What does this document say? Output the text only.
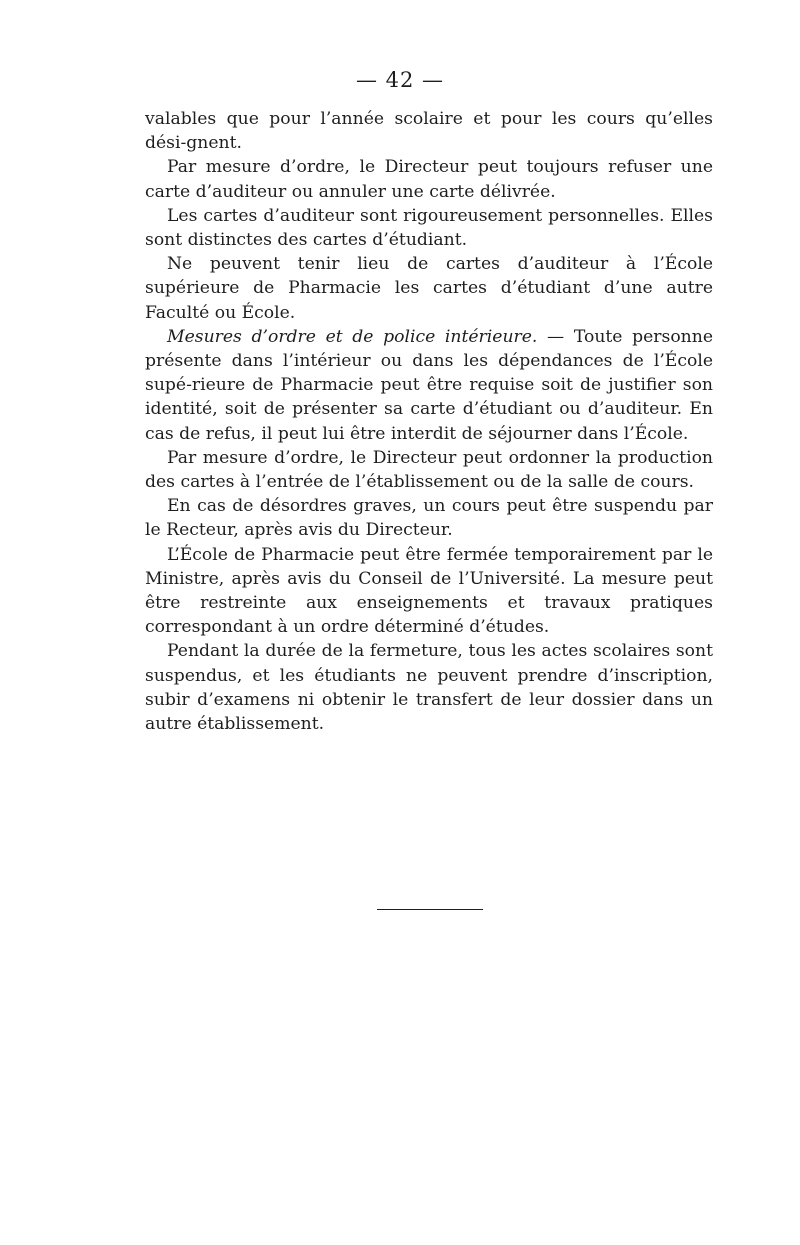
— 42 —

valables que pour l’année scolaire et pour les cours qu’elles dési-gnent.

Par mesure d’ordre, le Directeur peut toujours refuser une carte d’auditeur ou annuler une carte délivrée.

Les cartes d’auditeur sont rigoureusement personnelles. Elles sont distinctes des cartes d’étudiant.

Ne peuvent tenir lieu de cartes d’auditeur à l’École supérieure de Pharmacie les cartes d’étudiant d’une autre Faculté ou École.

Mesures d’ordre et de police intérieure. — Toute personne présente dans l’intérieur ou dans les dépendances de l’École supé-rieure de Pharmacie peut être requise soit de justifier son identité, soit de présenter sa carte d’étudiant ou d’auditeur. En cas de refus, il peut lui être interdit de séjourner dans l’École.

Par mesure d’ordre, le Directeur peut ordonner la production des cartes à l’entrée de l’établissement ou de la salle de cours.

En cas de désordres graves, un cours peut être suspendu par le Recteur, après avis du Directeur.

L’École de Pharmacie peut être fermée temporairement par le Ministre, après avis du Conseil de l’Université. La mesure peut être restreinte aux enseignements et travaux pratiques correspondant à un ordre déterminé d’études.

Pendant la durée de la fermeture, tous les actes scolaires sont suspendus, et les étudiants ne peuvent prendre d’inscription, subir d’examens ni obtenir le transfert de leur dossier dans un autre établissement.
